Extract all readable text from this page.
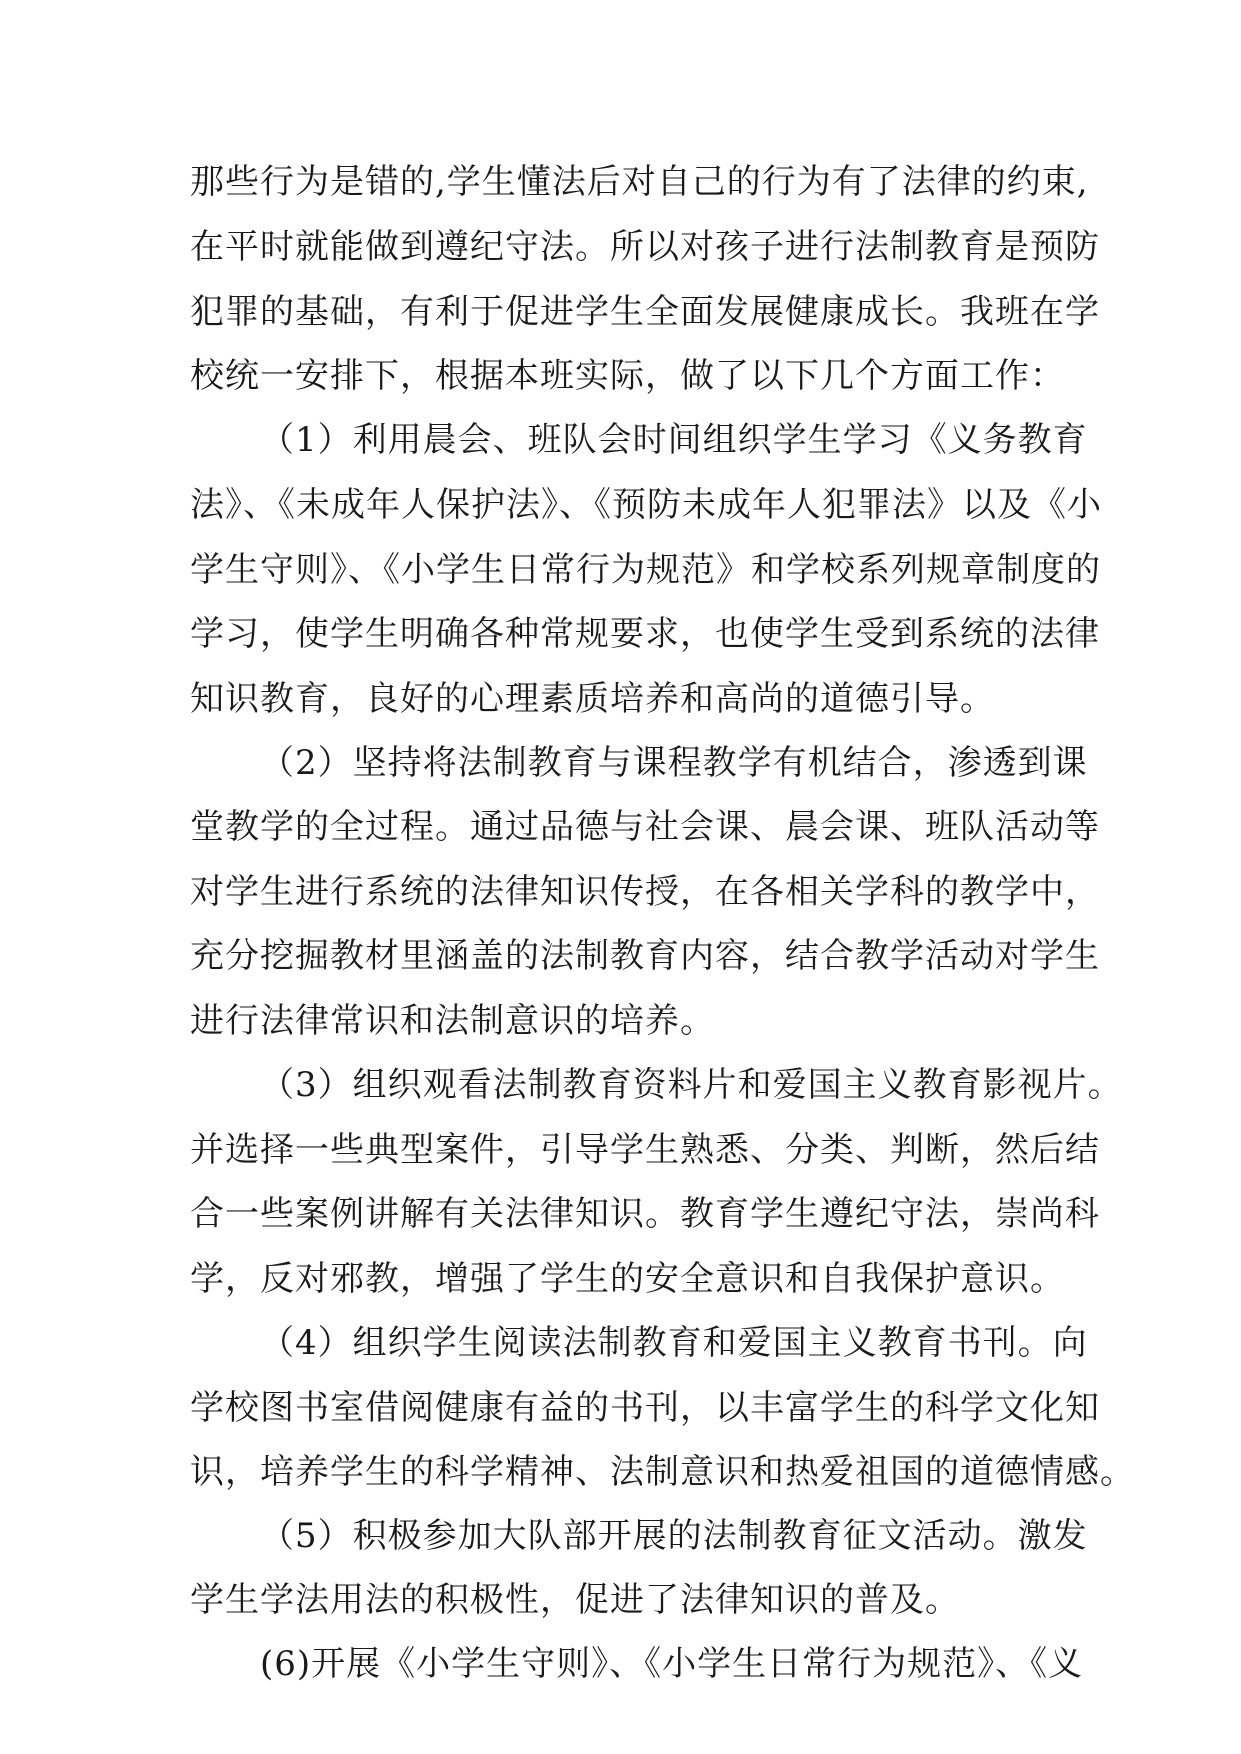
那些行为是错的,学生懂法后对自己的行为有了法律的约束,
在平时就能做到遵纪守法。所以对孩子进行法制教育是预防
犯罪的基础，有利于促进学生全面发展健康成长。我班在学
校统一安排下，根据本班实际，做了以下几个方面工作：
（1）利用晨会、班队会时间组织学生学习《义务教育
法》、《未成年人保护法》、《预防未成年人犯罪法》以及《小
学生守则》、《小学生日常行为规范》和学校系列规章制度的
学习，使学生明确各种常规要求，也使学生受到系统的法律
知识教育，良好的心理素质培养和高尚的道德引导。
（2）坚持将法制教育与课程教学有机结合，渗透到课
堂教学的全过程。通过品德与社会课、晨会课、班队活动等
对学生进行系统的法律知识传授，在各相关学科的教学中，
充分挖掘教材里涵盖的法制教育内容，结合教学活动对学生
进行法律常识和法制意识的培养。
（3）组织观看法制教育资料片和爱国主义教育影视片。
并选择一些典型案件，引导学生熟悉、分类、判断，然后结
合一些案例讲解有关法律知识。教育学生遵纪守法，崇尚科
学，反对邪教，增强了学生的安全意识和自我保护意识。
（4）组织学生阅读法制教育和爱国主义教育书刊。向
学校图书室借阅健康有益的书刊，以丰富学生的科学文化知
识，培养学生的科学精神、法制意识和热爱祖国的道德情感。
（5）积极参加大队部开展的法制教育征文活动。激发
学生学法用法的积极性，促进了法律知识的普及。
(6)开展《小学生守则》、《小学生日常行为规范》、《义
